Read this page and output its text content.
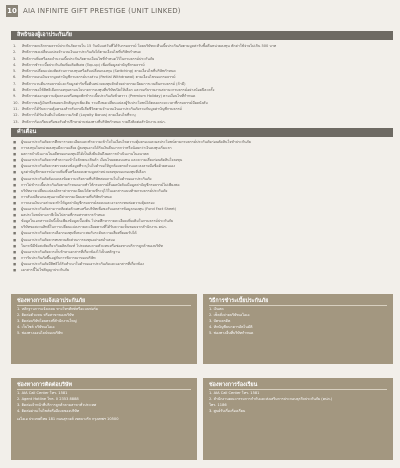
10 AIA INFINITE GIFT PRESTIGE (UNIT LINKED)
สิทธิของผู้เอาประกันภัย
1. สิทธิการยกเลิกกรมธรรม์ประกันภัยภายใน 15 วันนับแต่วันที่ได้รับกรมธรรม์ โดยบริษัทจะคืนเบี้ยประกันภัยตามมูลค่ารับซื้อคืนหน่วยลงทุน หักค่าใช้จ่ายไม่เกิน 500 บาท
2. สิทธิการขอเปลี่ยนแปลงจำนวนเงินเอาประกันภัยได้ตามเงื่อนไขที่บริษัทกำหนด
3. สิทธิการเพิ่มหรือลดจำนวนเบี้ยประกันภัยตามเงื่อนไขที่กำหนดไว้ในกรมธรรม์ประกันภัย
4. สิทธิการชำระเบี้ยประกันภัยเพิ่มเติมพิเศษ (Top-up) เพื่อเพิ่มมูลค่าบัญชีกรมธรรม์
5. สิทธิการเปลี่ยนแปลงสัดส่วนการลงทุนหรือสับเปลี่ยนกองทุน (Switching) ตามเงื่อนไขที่บริษัทกำหนด
6. สิทธิการถอนเงินจากมูลค่าบัญชีกรมธรรม์บางส่วน (Partial Withdrawal) ตามเงื่อนไขของกรมธรรม์
7. สิทธิการเวนคืนกรมธรรม์และรับมูลค่ารับซื้อคืนหน่วยลงทุนหักด้วยค่าธรรมเนียมการเวนคืนกรมธรรม์ (ถ้ามี)
8. สิทธิการขอใช้สิทธิเลือกกองทุนตามนโยบายการลงทุนที่บริษัทเปิดให้เลือก และขอรับรายงานสถานะกรมธรรม์อย่างน้อยปีละครั้ง
9. สิทธิการต่ออายุความคุ้มครองหรือหยุดพักชำระเบี้ยประกันภัยชั่วคราว (Premium Holiday) ตามเงื่อนไขที่กำหนด
10. สิทธิการขอกู้เงินหรือขอยกเลิกสัญญาเพิ่มเติม รวมถึงขอเปลี่ยนแปลงผู้รับประโยชน์ได้ตลอดระยะเวลาที่กรมธรรม์มีผลบังคับ
11. สิทธิการได้รับความคุ้มครองสำหรับกรณีเสียชีวิตตามจำนวนเงินเอาประกันภัยรวมกับมูลค่าบัญชีกรมธรรม์
12. สิทธิการได้รับเงินคืนโบนัสความภักดี (Loyalty Bonus) ตามเงื่อนไขที่ระบุ
13. สิทธิการร้องเรียนหรือขอรับคำปรึกษาผ่านช่องทางที่บริษัทกำหนด รวมถึงติดต่อสำนักงาน คปภ.
คำเตือน
■ ผู้ขอเอาประกันภัยควรศึกษารายละเอียดและทำความเข้าใจในเงื่อนไขความคุ้มครองและผลประโยชน์ตามกรมธรรม์ประกันภัยก่อนตัดสินใจทำประกันภัย
■ การลงทุนในหน่วยลงทุนมีความเสี่ยง ผู้ลงทุนอาจได้รับเงินคืนมากกว่าหรือน้อยกว่าเงินลงทุนเริ่มแรก
■ ผลการดำเนินงานในอดีตของกองทุนมิได้เป็นสิ่งยืนยันถึงผลการดำเนินงานในอนาคต
■ ผู้ขอเอาประกันภัยควรทำความเข้าใจลักษณะสินค้า เงื่อนไขผลตอบแทน และความเสี่ยงก่อนตัดสินใจลงทุน
■ ผู้ขอเอาประกันภัยควรตรวจสอบข้อมูลที่ระบุในใบคำขอให้ถูกต้องครบถ้วนและลงลายมือชื่อด้วยตนเอง
■ มูลค่าบัญชีกรมธรรม์อาจเพิ่มขึ้นหรือลดลงตามมูลค่าหน่วยลงทุนของกองทุนที่เลือก
■ ผู้ขอเอาประกันภัยต้องแถลงข้อความจริงตามที่บริษัทสอบถามในใบคำขอเอาประกันภัย
■ การไม่ชำระเบี้ยประกันภัยตามกำหนดอาจทำให้กรมธรรม์สิ้นผลบังคับเมื่อมูลค่าบัญชีกรมธรรม์ไม่เพียงพอ
■ บริษัทอาจเปลี่ยนแปลงอัตราค่าธรรมเนียมได้ตามที่ระบุไว้ในเอกสารแนบท้ายกรมธรรม์ประกันภัย
■ การสับเปลี่ยนกองทุนอาจมีค่าธรรมเนียมตามที่บริษัทกำหนด
■ การถอนเงินบางส่วนจะทำให้มูลค่าบัญชีกรมธรรม์ลดลงและอาจกระทบต่อความคุ้มครอง
■ ผู้ขอเอาประกันภัยสามารถติดต่อตัวแทนหรือบริษัทเพื่อขอรับเอกสารข้อมูลกองทุน (Fund Fact Sheet)
■ ผลประโยชน์ทางภาษีเป็นไปตามที่กรมสรรพากรกำหนด
■ ข้อมูลในเอกสารฉบับนี้เป็นเพียงข้อมูลเบื้องต้น โปรดศึกษารายละเอียดเพิ่มเติมในกรมธรรม์ประกันภัย
■ บริษัทขอสงวนสิทธิ์ในการเปลี่ยนแปลงรายละเอียดตามที่ได้รับความเห็นชอบจากสำนักงาน คปภ.
■ ผู้ขอเอาประกันภัยควรเลือกกองทุนที่เหมาะสมกับระดับความเสี่ยงที่ยอมรับได้
■ ผู้ขอเอาประกันภัยควรทบทวนสัดส่วนการลงทุนอย่างสม่ำเสมอ
■ ในกรณีมีข้อสงสัยเกี่ยวกับผลิตภัณฑ์ โปรดสอบถามตัวแทนหรือช่องทางบริการลูกค้าของบริษัท
■ ผู้ขอเอาประกันภัยควรเก็บรักษาเอกสารที่เกี่ยวข้องไว้เป็นหลักฐาน
■ การรับประกันภัยขึ้นอยู่กับการพิจารณาของบริษัท
■ ผู้ขอเอาประกันภัยมีสิทธิได้รับสำเนาใบคำขอเอาประกันภัยและเอกสารที่เกี่ยวข้อง
■ เอกสารนี้ไม่ใช่สัญญาประกันภัย
ช่องทางการแจ้งเอาประกันภัย
1. หลักฐานการแจ้งเคลม ทางโทรศัพท์หรือแบบฟอร์ม
2. ติดต่อตัวแทน หรือสาขาของบริษัท
3. ติดต่อบริษัทโดยตรงที่สำนักงานใหญ่
4. เว็บไซต์ บริษัทเอไอเอ
5. ช่องทางออนไลน์ของบริษัท
วิธีการชำระเบี้ยประกันภัย
1. เงินสด
2. เช็คสั่งจ่ายบริษัทเอไอเอ
3. บัตรเครดิต
4. หักบัญชีธนาคารอัตโนมัติ
5. ช่องทางอื่นที่บริษัทกำหนด
ช่องทางการติดต่อบริษัท
1. AIA Call Center โทร. 1581
2. Agent Hotline โทร. 0 2353 8888
3. ติดต่อเจ้าหน้าที่บริการลูกค้าตามสาขาทั่วประเทศ
4. ติดต่อผ่านเว็บไซต์หรืออีเมลของบริษัท
เอไอเอ ประเทศไทย 181 ถนนสุรวงศ์ เขตบางรัก กรุงเทพฯ 10500
ช่องทางการร้องเรียน
1. AIA Call Center โทร. 1581
2. สำนักงานคณะกรรมการกำกับและส่งเสริมการประกอบธุรกิจประกันภัย (คปภ.)
โทร. 1186
3. ศูนย์รับเรื่องร้องเรียน
